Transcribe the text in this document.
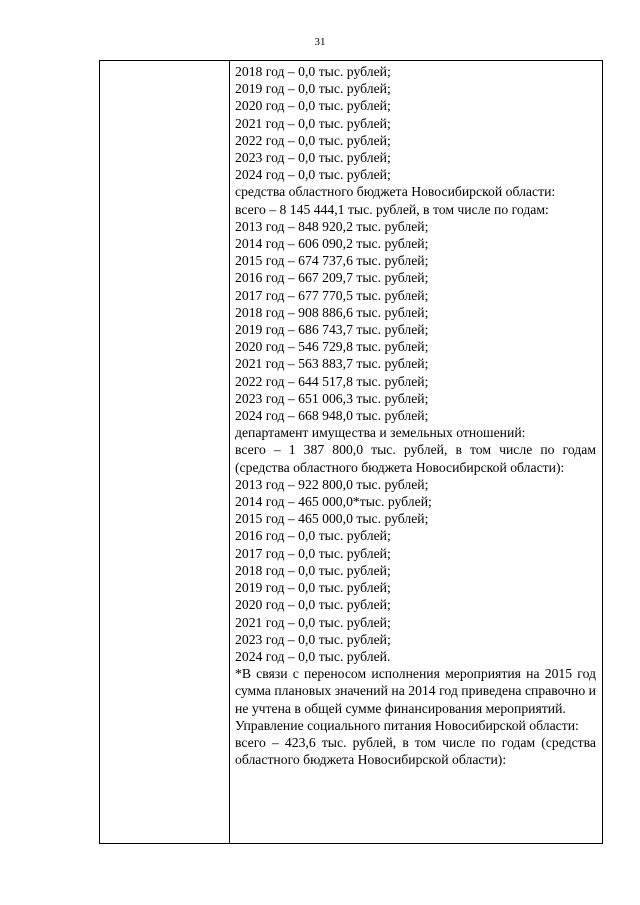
31
2018 год – 0,0 тыс. рублей;
2019 год – 0,0 тыс. рублей;
2020 год – 0,0 тыс. рублей;
2021 год – 0,0 тыс. рублей;
2022 год – 0,0 тыс. рублей;
2023 год – 0,0 тыс. рублей;
2024 год – 0,0 тыс. рублей;
средства областного бюджета Новосибирской области:
всего – 8 145 444,1 тыс. рублей, в том числе по годам:
2013 год – 848 920,2 тыс. рублей;
2014 год – 606 090,2 тыс. рублей;
2015 год – 674 737,6 тыс. рублей;
2016 год – 667 209,7 тыс. рублей;
2017 год – 677 770,5 тыс. рублей;
2018 год – 908 886,6 тыс. рублей;
2019 год – 686 743,7 тыс. рублей;
2020 год – 546 729,8 тыс. рублей;
2021 год – 563 883,7 тыс. рублей;
2022 год – 644 517,8 тыс. рублей;
2023 год – 651 006,3 тыс. рублей;
2024 год – 668 948,0 тыс. рублей;
департамент имущества и земельных отношений:
всего – 1 387 800,0 тыс. рублей, в том числе по годам (средства областного бюджета Новосибирской области):
2013 год – 922 800,0 тыс. рублей;
2014 год – 465 000,0*тыс. рублей;
2015 год – 465 000,0 тыс. рублей;
2016 год – 0,0 тыс. рублей;
2017 год – 0,0 тыс. рублей;
2018 год – 0,0 тыс. рублей;
2019 год – 0,0 тыс. рублей;
2020 год – 0,0 тыс. рублей;
2021 год – 0,0 тыс. рублей;
2023 год – 0,0 тыс. рублей;
2024 год – 0,0 тыс. рублей.
*В связи с переносом исполнения мероприятия на 2015 год сумма плановых значений на 2014 год приведена справочно и не учтена в общей сумме финансирования мероприятий.
Управление социального питания Новосибирской области:
всего – 423,6 тыс. рублей, в том числе по годам (средства областного бюджета Новосибирской области):
